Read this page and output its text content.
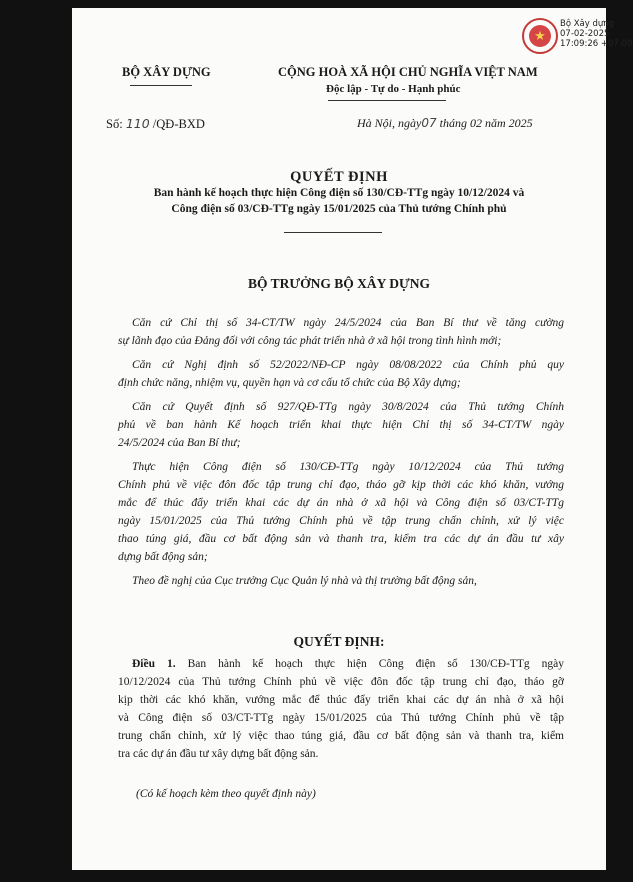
★
Bộ Xây dựng
07-02-2025
17:09:26 +07:00
BỘ XÂY DỰNG	CỘNG HOÀ XÃ HỘI CHỦ NGHĨA VIỆT NAM
Độc lập - Tự do - Hạnh phúc
Số: 110 /QĐ-BXD	Hà Nội, ngày07 tháng 02 năm 2025
QUYẾT ĐỊNH
Ban hành kế hoạch thực hiện Công điện số 130/CĐ-TTg ngày 10/12/2024 và
Công điện số 03/CĐ-TTg ngày 15/01/2025 của Thủ tướng Chính phủ
BỘ TRƯỞNG BỘ XÂY DỰNG
Căn cứ Chỉ thị số 34-CT/TW ngày 24/5/2024 của Ban Bí thư về tăng cường
sự lãnh đạo của Đảng đối với công tác phát triển nhà ở xã hội trong tình hình mới;
Căn cứ Nghị định số 52/2022/NĐ-CP ngày 08/08/2022 của Chính phủ quy
định chức năng, nhiệm vụ, quyền hạn và cơ cấu tổ chức của Bộ Xây dựng;
Căn cứ Quyết định số 927/QĐ-TTg ngày 30/8/2024 của Thủ tướng Chính
phủ về ban hành Kế hoạch triển khai thực hiện Chỉ thị số 34-CT/TW ngày
24/5/2024 của Ban Bí thư;
Thực hiện Công điện số 130/CĐ-TTg ngày 10/12/2024 của Thủ tướng
Chính phủ về việc đôn đốc tập trung chỉ đạo, tháo gỡ kịp thời các khó khăn, vướng
mắc để thúc đẩy triển khai các dự án nhà ở xã hội và Công điện số 03/CT-TTg
ngày 15/01/2025 của Thủ tướng Chính phủ về tập trung chấn chỉnh, xử lý việc
thao túng giá, đầu cơ bất động sản và thanh tra, kiểm tra các dự án đầu tư xây
dựng bất động sản;
Theo đề nghị của Cục trưởng Cục Quản lý nhà và thị trường bất động sản,
QUYẾT ĐỊNH:
Điều 1. Ban hành kế hoạch thực hiện Công điện số 130/CĐ-TTg ngày
10/12/2024 của Thủ tướng Chính phủ về việc đôn đốc tập trung chỉ đạo, tháo gỡ
kịp thời các khó khăn, vướng mắc để thúc đẩy triển khai các dự án nhà ở xã hội
và Công điện số 03/CT-TTg ngày 15/01/2025 của Thủ tướng Chính phủ về tập
trung chấn chỉnh, xử lý việc thao túng giá, đầu cơ bất động sản và thanh tra, kiểm
tra các dự án đầu tư xây dựng bất động sản.
(Có kế hoạch kèm theo quyết định này)
